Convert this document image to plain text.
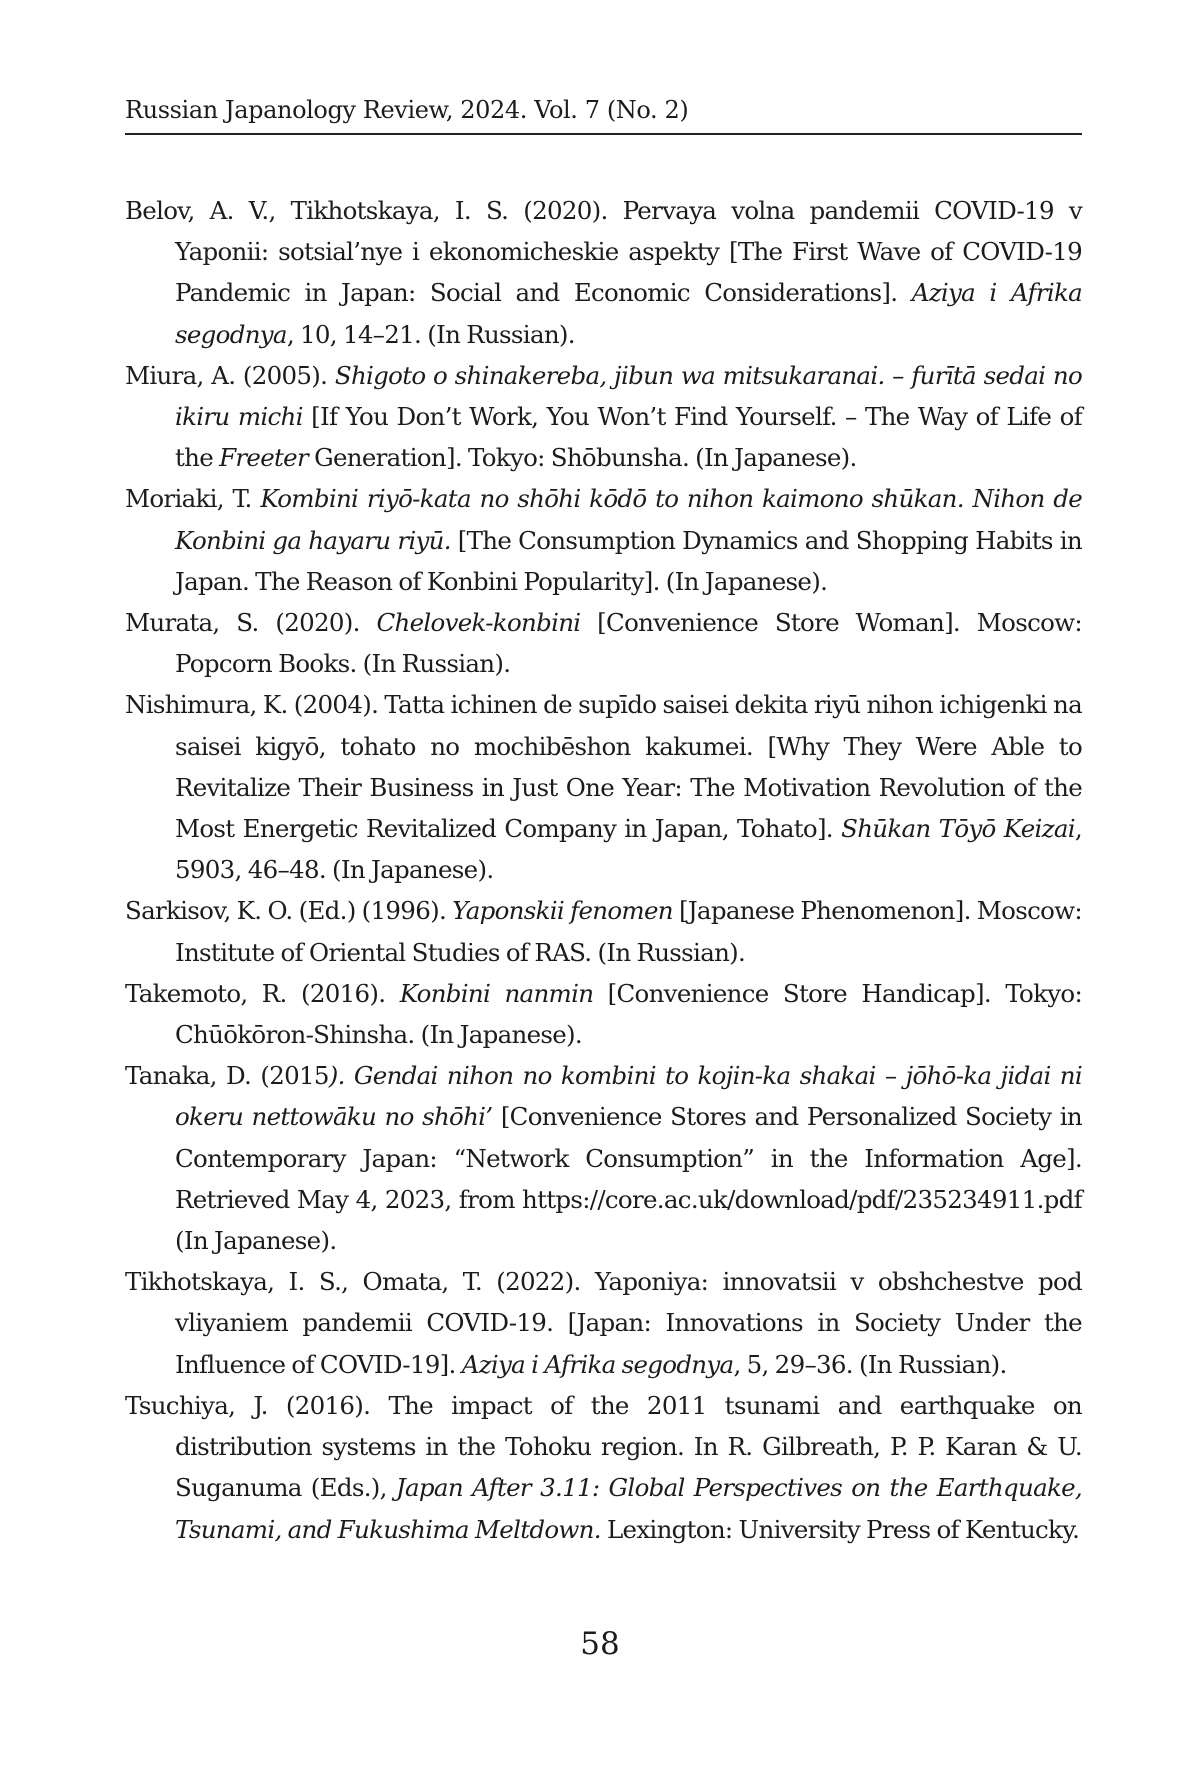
Russian Japanology Review, 2024. Vol. 7 (No. 2)

Belov, A. V., Tikhotskaya, I. S. (2020). Pervaya volna pandemii COVID-19 v Yaponii: sotsial’nye i ekonomicheskie aspekty [The First Wave of COVID-19 Pandemic in Japan: Social and Economic Considerations]. Aziya i Afrika segodnya, 10, 14–21. (In Russian).

Miura, A. (2005). Shigoto o shinakereba, jibun wa mitsukaranai. – furītā sedai no ikiru michi [If You Don’t Work, You Won’t Find Yourself. – The Way of Life of the Freeter Generation]. Tokyo: Shōbunsha. (In Japanese).

Moriaki, T. Kombini riyō-kata no shōhi kōdō to nihon kaimono shūkan. Nihon de Konbini ga hayaru riyū. [The Consumption Dynamics and Shopping Habits in Japan. The Reason of Konbini Popularity]. (In Japanese).

Murata, S. (2020). Chelovek-konbini [Convenience Store Woman]. Moscow: Popcorn Books. (In Russian).

Nishimura, K. (2004). Tatta ichinen de supīdo saisei dekita riyū nihon ichigenki na saisei kigyō, tohato no mochibēshon kakumei. [Why They Were Able to Revitalize Their Business in Just One Year: The Motivation Revolution of the Most Energetic Revitalized Company in Japan, Tohato]. Shūkan Tōyō Keizai, 5903, 46–48. (In Japanese).

Sarkisov, K. O. (Ed.) (1996). Yaponskii fenomen [Japanese Phenomenon]. Moscow: Institute of Oriental Studies of RAS. (In Russian).

Takemoto, R. (2016). Konbini nanmin [Convenience Store Handicap]. Tokyo: Chūōkōron-Shinsha. (In Japanese).

Tanaka, D. (2015). Gendai nihon no kombini to kojin-ka shakai – jōhō-ka jidai ni okeru nettowāku no shōhi’ [Convenience Stores and Personalized Society in Contemporary Japan: “Network Consumption” in the Information Age]. Retrieved May 4, 2023, from https://core.ac.uk/download/pdf/235234911.pdf (In Japanese).

Tikhotskaya, I. S., Omata, T. (2022). Yaponiya: innovatsii v obshchestve pod vliyaniem pandemii COVID-19. [Japan: Innovations in Society Under the Influence of COVID-19]. Aziya i Afrika segodnya, 5, 29–36. (In Russian).

Tsuchiya, J. (2016). The impact of the 2011 tsunami and earthquake on distribution systems in the Tohoku region. In R. Gilbreath, P. P. Karan & U. Suganuma (Eds.), Japan After 3.11: Global Perspectives on the Earthquake, Tsunami, and Fukushima Meltdown. Lexington: University Press of Kentucky.

58
